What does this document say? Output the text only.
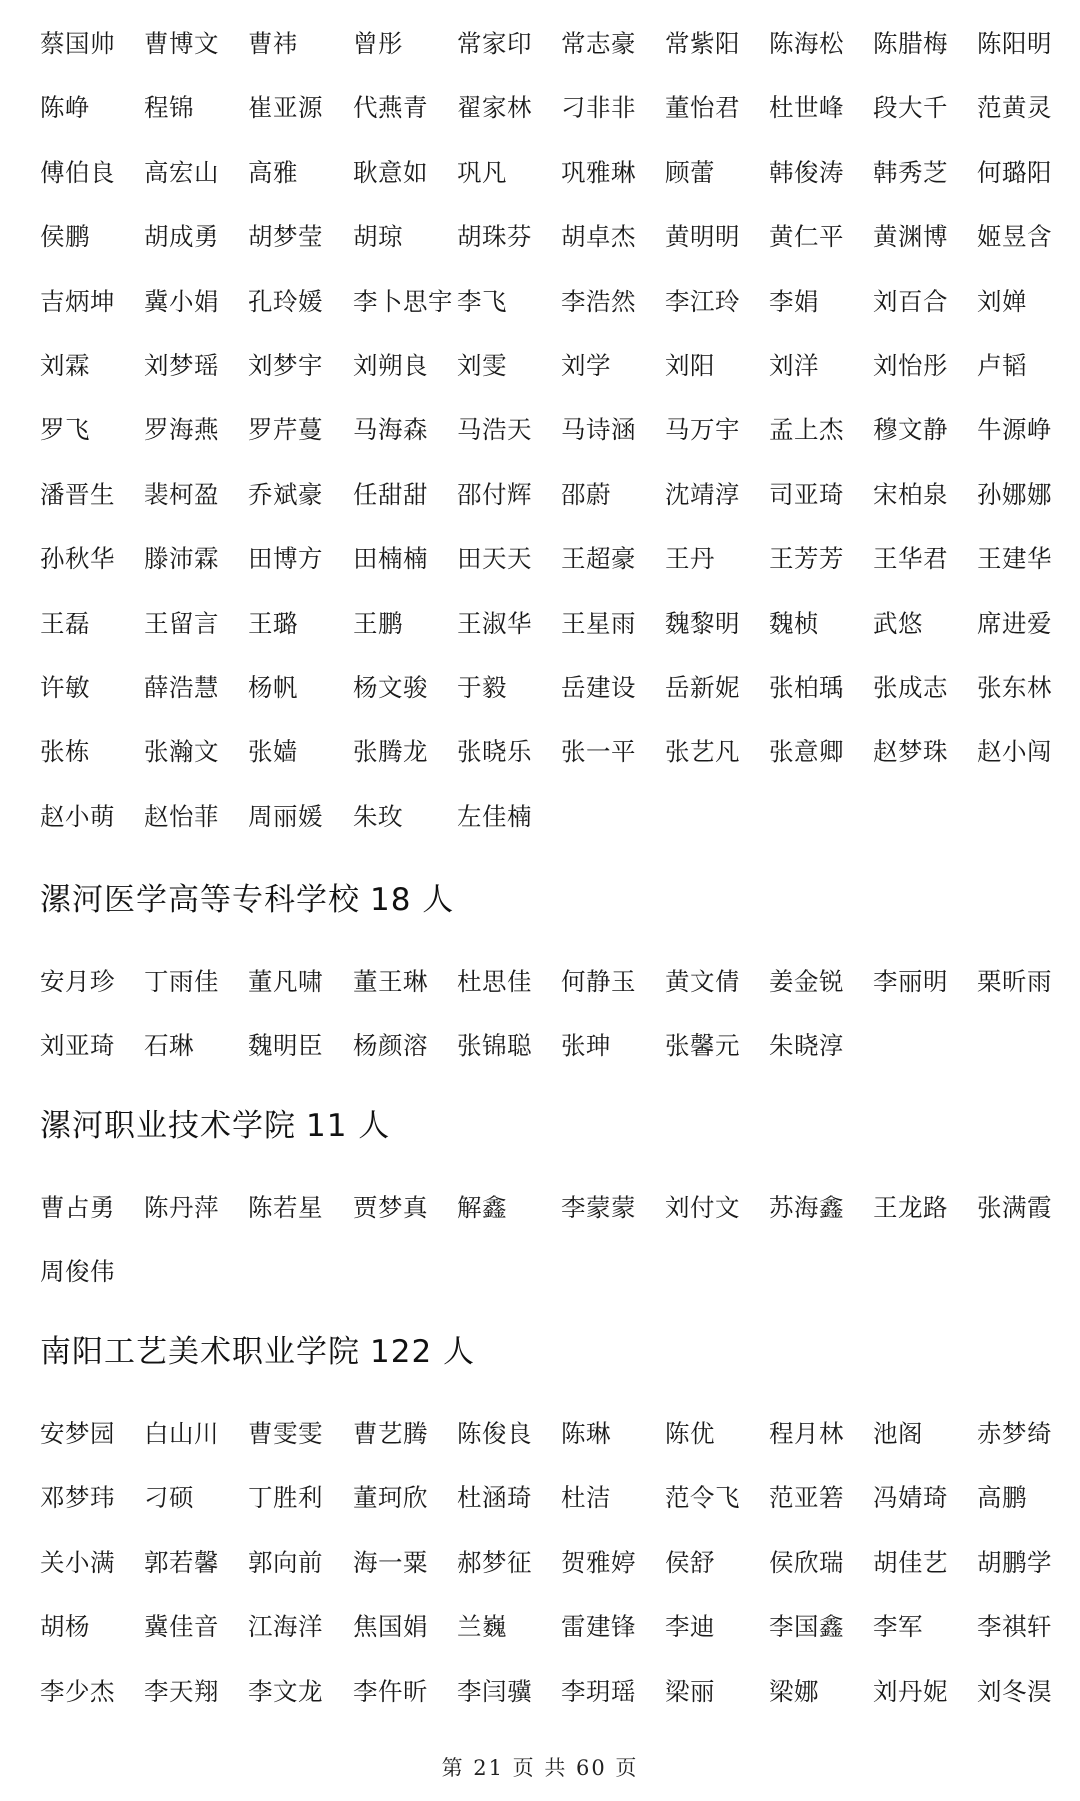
蔡国帅 曹博文 曹祎 曾彤 常家印 常志豪 常紫阳 陈海松 陈腊梅 陈阳明
陈峥 程锦 崔亚源 代燕青 翟家林 刁非非 董怡君 杜世峰 段大千 范黄灵
傅伯良 高宏山 高雅 耿意如 巩凡 巩雅琳 顾蕾 韩俊涛 韩秀芝 何璐阳
侯鹏 胡成勇 胡梦莹 胡琼 胡珠芬 胡卓杰 黄明明 黄仁平 黄渊博 姬昱含
吉炳坤 冀小娟 孔玲媛 李卜思宇 李飞 李浩然 李江玲 李娟 刘百合 刘婵
刘霖 刘梦瑶 刘梦宇 刘朔良 刘雯 刘学 刘阳 刘洋 刘怡彤 卢韬
罗飞 罗海燕 罗芹蔓 马海森 马浩天 马诗涵 马万宇 孟上杰 穆文静 牛源峥
潘晋生 裴柯盈 乔斌豪 任甜甜 邵付辉 邵蔚 沈靖淳 司亚琦 宋柏泉 孙娜娜
孙秋华 滕沛霖 田博方 田楠楠 田天天 王超豪 王丹 王芳芳 王华君 王建华
王磊 王留言 王璐 王鹏 王淑华 王星雨 魏黎明 魏桢 武悠 席进爱
许敏 薛浩慧 杨帆 杨文骏 于毅 岳建设 岳新妮 张柏瑀 张成志 张东林
张栋 张瀚文 张嫱 张腾龙 张晓乐 张一平 张艺凡 张意卿 赵梦珠 赵小闯
赵小萌 赵怡菲 周丽媛 朱玫 左佳楠
漯河医学高等专科学校 18 人
安月珍 丁雨佳 董凡啸 董王琳 杜思佳 何静玉 黄文倩 姜金锐 李丽明 栗昕雨
刘亚琦 石琳 魏明臣 杨颜溶 张锦聪 张珅 张馨元 朱晓淳
漯河职业技术学院 11 人
曹占勇 陈丹萍 陈若星 贾梦真 解鑫 李蒙蒙 刘付文 苏海鑫 王龙路 张满霞
周俊伟
南阳工艺美术职业学院 122 人
安梦园 白山川 曹雯雯 曹艺腾 陈俊良 陈琳 陈优 程月林 池阁 赤梦绮
邓梦玮 刁硕 丁胜利 董珂欣 杜涵琦 杜洁 范令飞 范亚箬 冯婧琦 高鹏
关小满 郭若馨 郭向前 海一粟 郝梦征 贺雅婷 侯舒 侯欣瑞 胡佳艺 胡鹏学
胡杨 冀佳音 江海洋 焦国娟 兰巍 雷建锋 李迪 李国鑫 李军 李祺轩
李少杰 李天翔 李文龙 李仵昕 李闫骥 李玥瑶 梁丽 梁娜 刘丹妮 刘冬淏
第 21 页 共 60 页
